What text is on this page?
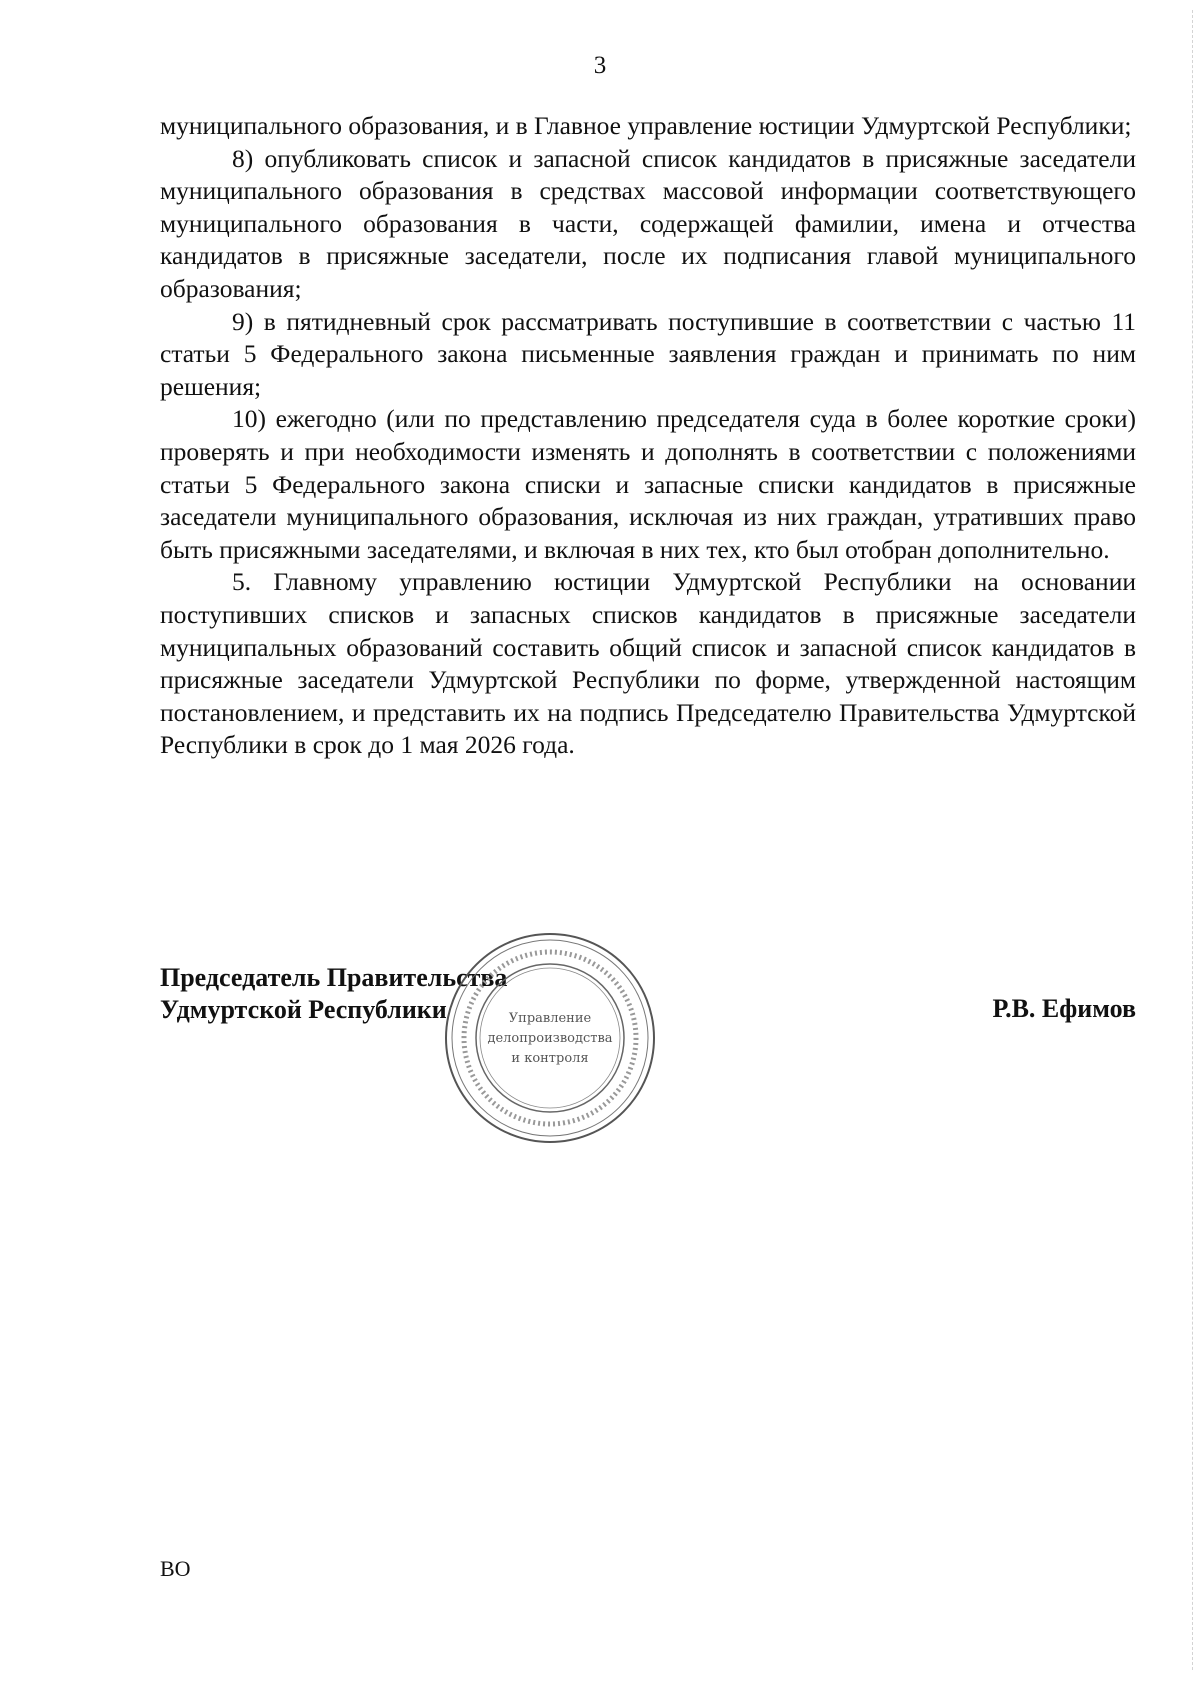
3

муниципального образования, и в Главное управление юстиции Удмуртской Республики;

8) опубликовать список и запасной список кандидатов в присяжные заседатели муниципального образования в средствах массовой информации соответствующего муниципального образования в части, содержащей фамилии, имена и отчества кандидатов в присяжные заседатели, после их подписания главой муниципального образования;

9) в пятидневный срок рассматривать поступившие в соответствии с частью 11 статьи 5 Федерального закона письменные заявления граждан и принимать по ним решения;

10) ежегодно (или по представлению председателя суда в более короткие сроки) проверять и при необходимости изменять и дополнять в соответствии с положениями статьи 5 Федерального закона списки и запасные списки кандидатов в присяжные заседатели муниципального образования, исключая из них граждан, утративших право быть присяжными заседателями, и включая в них тех, кто был отобран дополнительно.

5. Главному управлению юстиции Удмуртской Республики на основании поступивших списков и запасных списков кандидатов в присяжные заседатели муниципальных образований составить общий список и запасной список кандидатов в присяжные заседатели Удмуртской Республики по форме, утвержденной настоящим постановлением, и представить их на подпись Председателю Правительства Удмуртской Республики в срок до 1 мая 2026 года.

Председатель Правительства
Удмуртской Республики	Управление
делопроизводства
и контроля
Р.В. Ефимов
ВО
